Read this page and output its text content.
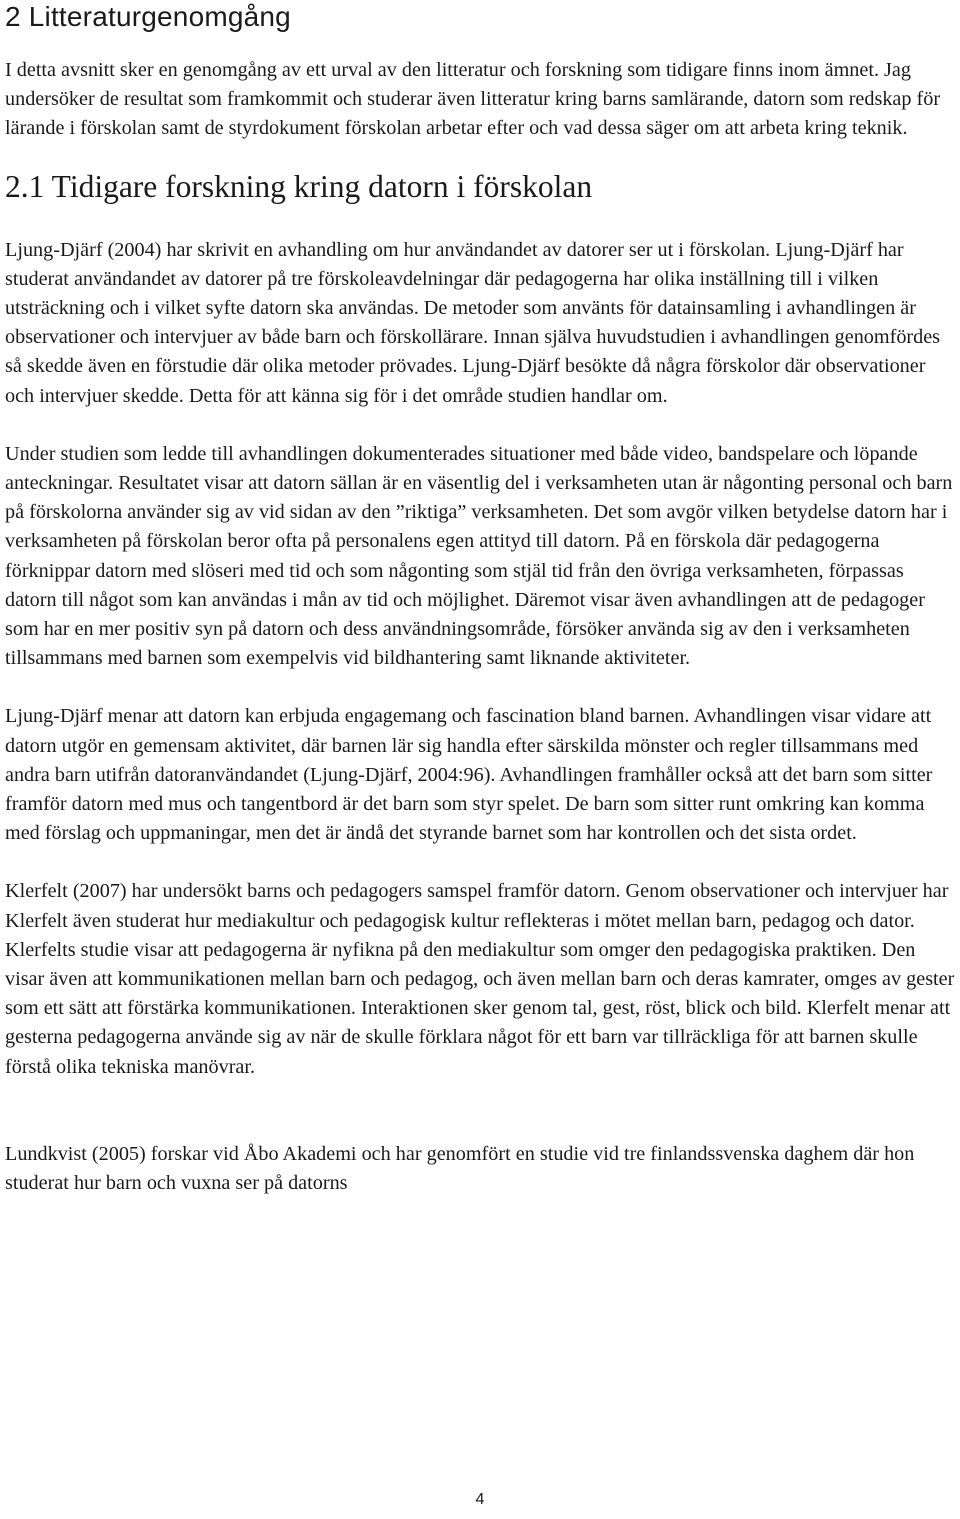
2 Litteraturgenomgång

I detta avsnitt sker en genomgång av ett urval av den litteratur och forskning som tidigare finns inom ämnet. Jag undersöker de resultat som framkommit och studerar även litteratur kring barns samlärande, datorn som redskap för lärande i förskolan samt de styrdokument förskolan arbetar efter och vad dessa säger om att arbeta kring teknik.

2.1 Tidigare forskning kring datorn i förskolan

Ljung-Djärf (2004) har skrivit en avhandling om hur användandet av datorer ser ut i förskolan. Ljung-Djärf har studerat användandet av datorer på tre förskoleavdelningar där pedagogerna har olika inställning till i vilken utsträckning och i vilket syfte datorn ska användas. De metoder som använts för datainsamling i avhandlingen är observationer och intervjuer av både barn och förskollärare. Innan själva huvudstudien i avhandlingen genomfördes så skedde även en förstudie där olika metoder prövades. Ljung-Djärf besökte då några förskolor där observationer och intervjuer skedde. Detta för att känna sig för i det område studien handlar om.

Under studien som ledde till avhandlingen dokumenterades situationer med både video, bandspelare och löpande anteckningar. Resultatet visar att datorn sällan är en väsentlig del i verksamheten utan är någonting personal och barn på förskolorna använder sig av vid sidan av den ”riktiga” verksamheten. Det som avgör vilken betydelse datorn har i verksamheten på förskolan beror ofta på personalens egen attityd till datorn. På en förskola där pedagogerna förknippar datorn med slöseri med tid och som någonting som stjäl tid från den övriga verksamheten, förpassas datorn till något som kan användas i mån av tid och möjlighet. Däremot visar även avhandlingen att de pedagoger som har en mer positiv syn på datorn och dess användningsområde, försöker använda sig av den i verksamheten tillsammans med barnen som exempelvis vid bildhantering samt liknande aktiviteter.

Ljung-Djärf menar att datorn kan erbjuda engagemang och fascination bland barnen. Avhandlingen visar vidare att datorn utgör en gemensam aktivitet, där barnen lär sig handla efter särskilda mönster och regler tillsammans med andra barn utifrån datoranvändandet (Ljung-Djärf, 2004:96). Avhandlingen framhåller också att det barn som sitter framför datorn med mus och tangentbord är det barn som styr spelet. De barn som sitter runt omkring kan komma med förslag och uppmaningar, men det är ändå det styrande barnet som har kontrollen och det sista ordet.

Klerfelt (2007) har undersökt barns och pedagogers samspel framför datorn. Genom observationer och intervjuer har Klerfelt även studerat hur mediakultur och pedagogisk kultur reflekteras i mötet mellan barn, pedagog och dator. Klerfelts studie visar att pedagogerna är nyfikna på den mediakultur som omger den pedagogiska praktiken. Den visar även att kommunikationen mellan barn och pedagog, och även mellan barn och deras kamrater, omges av gester som ett sätt att förstärka kommunikationen. Interaktionen sker genom tal, gest, röst, blick och bild. Klerfelt menar att gesterna pedagogerna använde sig av när de skulle förklara något för ett barn var tillräckliga för att barnen skulle förstå olika tekniska manövrar.

Lundkvist (2005) forskar vid Åbo Akademi och har genomfört en studie vid tre finlandssvenska daghem där hon studerat hur barn och vuxna ser på datorns

4
